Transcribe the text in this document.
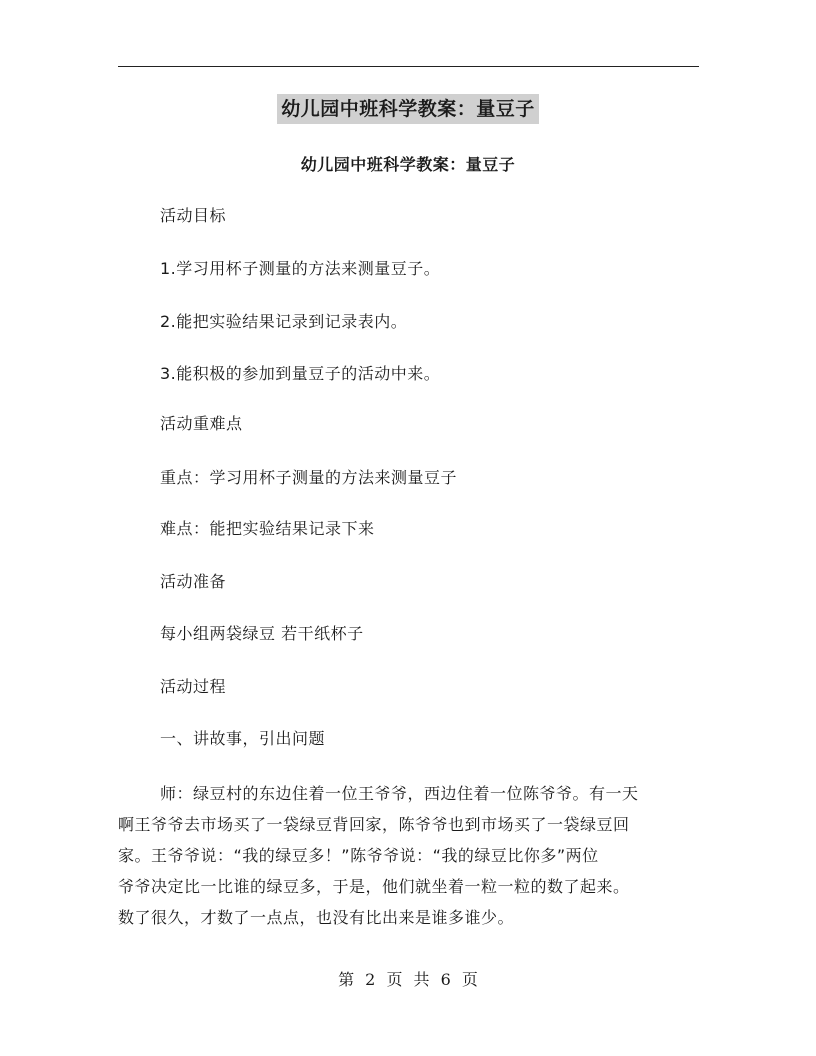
幼儿园中班科学教案：量豆子
幼儿园中班科学教案：量豆子
活动目标
1.学习用杯子测量的方法来测量豆子。
2.能把实验结果记录到记录表内。
3.能积极的参加到量豆子的活动中来。
活动重难点
重点：学习用杯子测量的方法来测量豆子
难点：能把实验结果记录下来
活动准备
每小组两袋绿豆 若干纸杯子
活动过程
一、讲故事，引出问题
师：绿豆村的东边住着一位王爷爷，西边住着一位陈爷爷。有一天
啊王爷爷去市场买了一袋绿豆背回家，陈爷爷也到市场买了一袋绿豆回
家。王爷爷说：“我的绿豆多！”陈爷爷说：“我的绿豆比你多”两位
爷爷决定比一比谁的绿豆多，于是，他们就坐着一粒一粒的数了起来。
数了很久，才数了一点点，也没有比出来是谁多谁少。
第 2 页 共 6 页
